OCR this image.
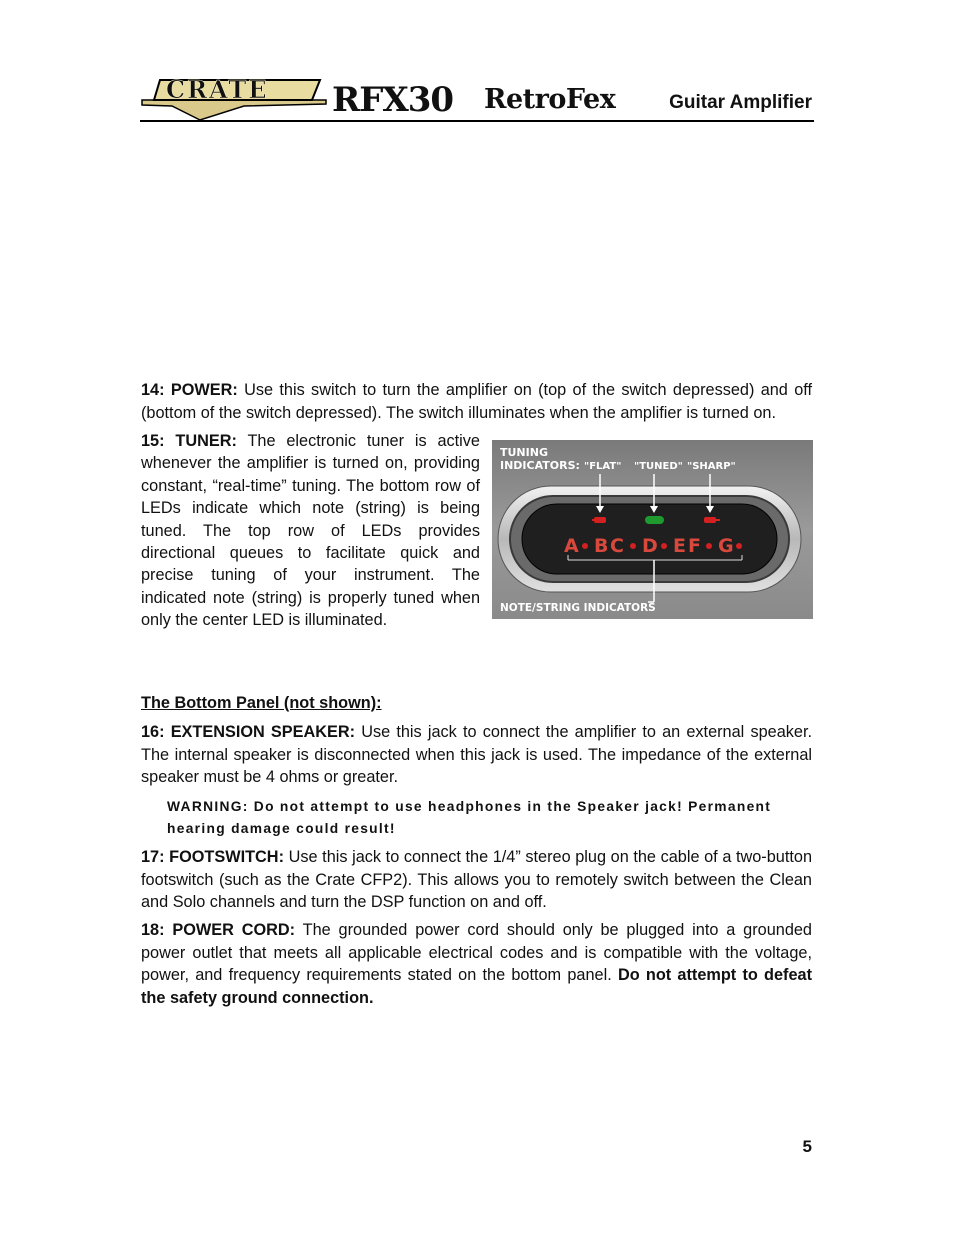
CRATE RFX30 RetroFex	Guitar Amplifier

14: POWER: Use this switch to turn the amplifier on (top of the switch depressed) and off (bottom of the switch depressed). The switch illuminates when the amplifier is turned on.

15: TUNER: The electronic tuner is active whenever the amplifier is turned on, providing constant, “real-time” tuning. The bottom row of LEDs indicate which note (string) is being tuned. The top row of LEDs provides directional queues to facilitate quick and precise tuning of your instrument. The indicated note (string) is properly tuned when only the center LED is illuminated.

TUNING
INDICATORS: "FLAT" "TUNED" "SHARP"
A B C D E F G
NOTE/STRING INDICATORS

The Bottom Panel (not shown):

16: EXTENSION SPEAKER: Use this jack to connect the amplifier to an external speaker. The internal speaker is disconnected when this jack is used. The impedance of the external speaker must be 4 ohms or greater.

WARNING: Do not attempt to use headphones in the Speaker jack! Permanent hearing damage could result!

17: FOOTSWITCH: Use this jack to connect the 1/4” stereo plug on the cable of a two-button footswitch (such as the Crate CFP2). This allows you to remotely switch between the Clean and Solo channels and turn the DSP function on and off.

18: POWER CORD: The grounded power cord should only be plugged into a grounded power outlet that meets all applicable electrical codes and is compatible with the voltage, power, and frequency requirements stated on the bottom panel. Do not attempt to defeat the safety ground connection.

5
